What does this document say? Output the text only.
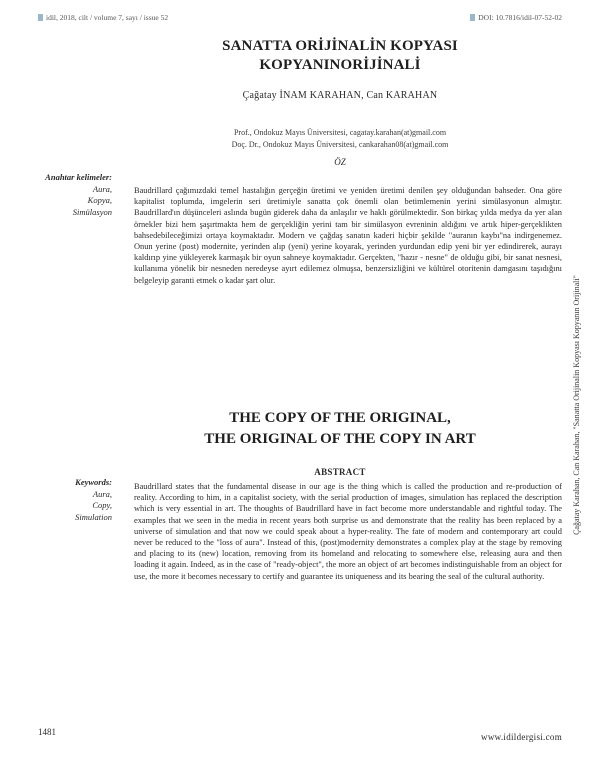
idil, 2018, cilt / volume 7, sayı / issue 52	DOI: 10.7816/idil-07-52-02
SANATTA ORİJİNALİN KOPYASI
KOPYANINORİJİNALİ
Çağatay İNAM KARAHAN, Can KARAHAN
Prof., Ondokuz Mayıs Üniversitesi, cagatay.karahan(at)gmail.com
Doç. Dr., Ondokuz Mayıs Üniversitesi, cankarahan08(at)gmail.com
ÖZ
Anahtar kelimeler:
Aura,
Kopya,
Simülasyon
Baudrillard çağımızdaki temel hastalığın gerçeğin üretimi ve yeniden üretimi denilen şey olduğundan bahseder. Ona göre kapitalist toplumda, imgelerin seri üretimiyle sanatta çok önemli olan betimlemenin yerini simülasyonun almıştır. Baudrillard'ın düşünceleri aslında bugün giderek daha da anlaşılır ve haklı görülmektedir. Son birkaç yılda medya da yer alan örnekler bizi hem şaşırtmakta hem de gerçekliğin yerini tam bir simülasyon evreninin aldığını ve artık hiper-gerçeklikten bahsedebileceğimizi ortaya koymaktadır. Modern ve çağdaş sanatın kaderi hiçbir şekilde "auranın kaybı"na indirgenemez. Onun yerine (post) modernite, yerinden alıp (yeni) yerine koyarak, yerinden yurdundan edip yeni bir yer edindirerek, aurayı kaldırıp yine yükleyerek karmaşık bir oyun sahneye koymaktadır. Gerçekten, "hazır - nesne" de olduğu gibi, bir sanat nesnesi, kullanıma yönelik bir nesneden neredeyse ayırt edilemez olmuşsa, benzersizliğini ve kültürel otoritenin damgasını taşıdığını belgeleyip garanti etmek o kadar şart olur.
THE COPY OF THE ORIGINAL,
THE ORIGINAL OF THE COPY IN ART
ABSTRACT
Keywords:
Aura,
Copy,
Simulation
Baudrillard states that the fundamental disease in our age is the thing which is called the production and re-production of reality. According to him, in a capitalist society, with the serial production of images, simulation has replaced the description which is very essential in art. The thoughts of Baudrillard have in fact become more understandable and rightful today. The examples that we seen in the media in recent years both surprise us and demonstrate that the reality has been replaced by a universe of simulation and that now we could speak about a hyper-reality. The fate of modern and contemporary art could never be reduced to the "loss of aura". Instead of this, (post)modernity demonstrates a complex play at the stage by removing and placing to its (new) location, removing from its homeland and relocating to somewhere else, releasing aura and then loading it again. Indeed, as in the case of "ready-object", the more an object of art becomes indistinguishable from an object for use, the more it becomes necessary to certify and guarantee its uniqueness and its bearing the seal of the cultural authority.
Çağatay Karahan, Can Karahan, "Sanatta Orijinalin Kopyası Kopyanın Orijinali"
1481	www.idildergisi.com
